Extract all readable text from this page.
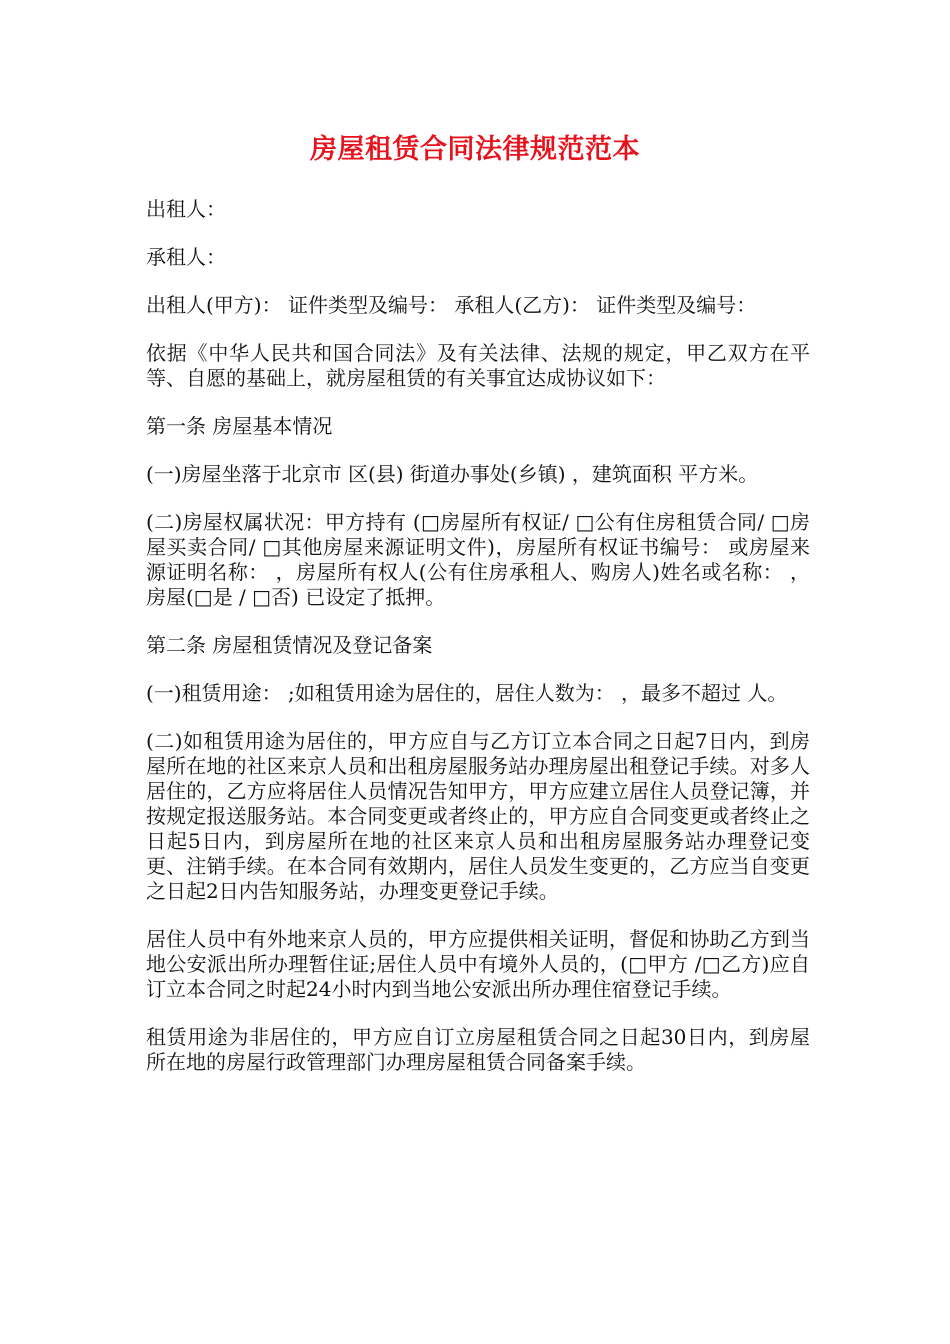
房屋租赁合同法律规范范本

出租人：

承租人：

出租人(甲方)： 证件类型及编号： 承租人(乙方)： 证件类型及编号：

依据《中华人民共和国合同法》及有关法律、法规的规定，甲乙双方在平等、自愿的基础上，就房屋租赁的有关事宜达成协议如下：

第一条 房屋基本情况

(一)房屋坐落于北京市 区(县) 街道办事处(乡镇) ，建筑面积 平方米。

(二)房屋权属状况：甲方持有 (□房屋所有权证/ □公有住房租赁合同/ □房屋买卖合同/ □其他房屋来源证明文件)，房屋所有权证书编号： 或房屋来源证明名称： ，房屋所有权人(公有住房承租人、购房人)姓名或名称： ，房屋(□是 / □否) 已设定了抵押。

第二条 房屋租赁情况及登记备案

(一)租赁用途： ;如租赁用途为居住的，居住人数为： ，最多不超过 人。

(二)如租赁用途为居住的，甲方应自与乙方订立本合同之日起7日内，到房屋所在地的社区来京人员和出租房屋服务站办理房屋出租登记手续。对多人居住的，乙方应将居住人员情况告知甲方，甲方应建立居住人员登记簿，并按规定报送服务站。本合同变更或者终止的，甲方应自合同变更或者终止之日起5日内，到房屋所在地的社区来京人员和出租房屋服务站办理登记变更、注销手续。在本合同有效期内，居住人员发生变更的，乙方应当自变更之日起2日内告知服务站，办理变更登记手续。

居住人员中有外地来京人员的，甲方应提供相关证明，督促和协助乙方到当地公安派出所办理暂住证;居住人员中有境外人员的，(□甲方 /□乙方)应自订立本合同之时起24小时内到当地公安派出所办理住宿登记手续。

租赁用途为非居住的，甲方应自订立房屋租赁合同之日起30日内，到房屋所在地的房屋行政管理部门办理房屋租赁合同备案手续。
